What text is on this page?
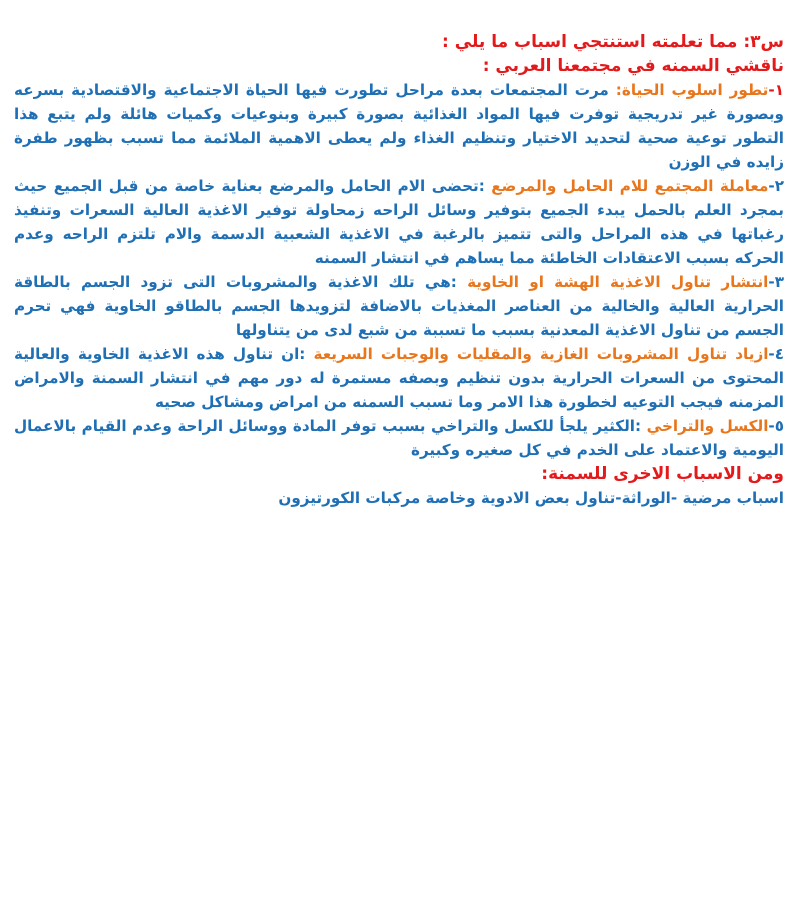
س٣: مما تعلمته استنتجي اسباب ما يلي :
ناقشي السمنه في مجتمعنا العربي :

١-تطور اسلوب الحياة: مرت المجتمعات بعدة مراحل تطورت فيها الحياة الاجتماعية والاقتصادية بسرعه وبصورة غير تدريجية توفرت فيها المواد الغذائية بصورة كبيرة وبنوعيات وكميات هائلة ولم يتبع هذا التطور توعية صحية لتحديد الاختيار وتنظيم الغذاء ولم يعطى الاهمية الملائمة مما تسبب بظهور طفرة زايده في الوزن

٢-معاملة المجتمع للام الحامل والمرضع :تحضى الام الحامل والمرضع بعناية خاصة من قبل الجميع حيث بمجرد العلم بالحمل يبدء الجميع بتوفير وسائل الراحه زمحاولة توفير الاغذية العالية السعرات وتنفيذ رغباتها في هذه المراحل والتى تتميز بالرغبة في الاغذية الشعبية الدسمة والام تلتزم الراحه وعدم الحركه بسبب الاعتقادات الخاطئة مما يساهم في انتشار السمنه

٣-انتشار تناول الاغذية الهشة او الخاوية :هي تلك الاغذية والمشروبات التى تزود الجسم بالطاقة الحرارية العالية والخالية من العناصر المغذيات بالاضافة لتزويدها الجسم بالطاقو الخاوية فهي تحرم الجسم من تناول الاغذية المعدنية بسبب ما تسببة من شبع لدى من يتناولها

٤-ازياد تناول المشروبات الغازية والمقليات والوجبات السريعة :ان تناول هذه الاغذية الخاوية والعالية المحتوى من السعرات الحرارية بدون تنظيم وبصفه مستمرة له دور مهم في انتشار السمنة والامراض المزمنه فيجب التوعيه لخطورة هذا الامر وما تسبب السمنه من امراض ومشاكل صحيه

٥-الكسل والتراخي :الكثير يلجأ للكسل والتراخي بسبب توفر المادة ووسائل الراحة وعدم القيام بالاعمال اليومية والاعتماد على الخدم في كل صغيره وكبيرة

ومن الاسباب الاخرى للسمنة:

اسباب مرضية -الوراثة-تناول بعض الادوية وخاصة مركبات الكورتيزون
